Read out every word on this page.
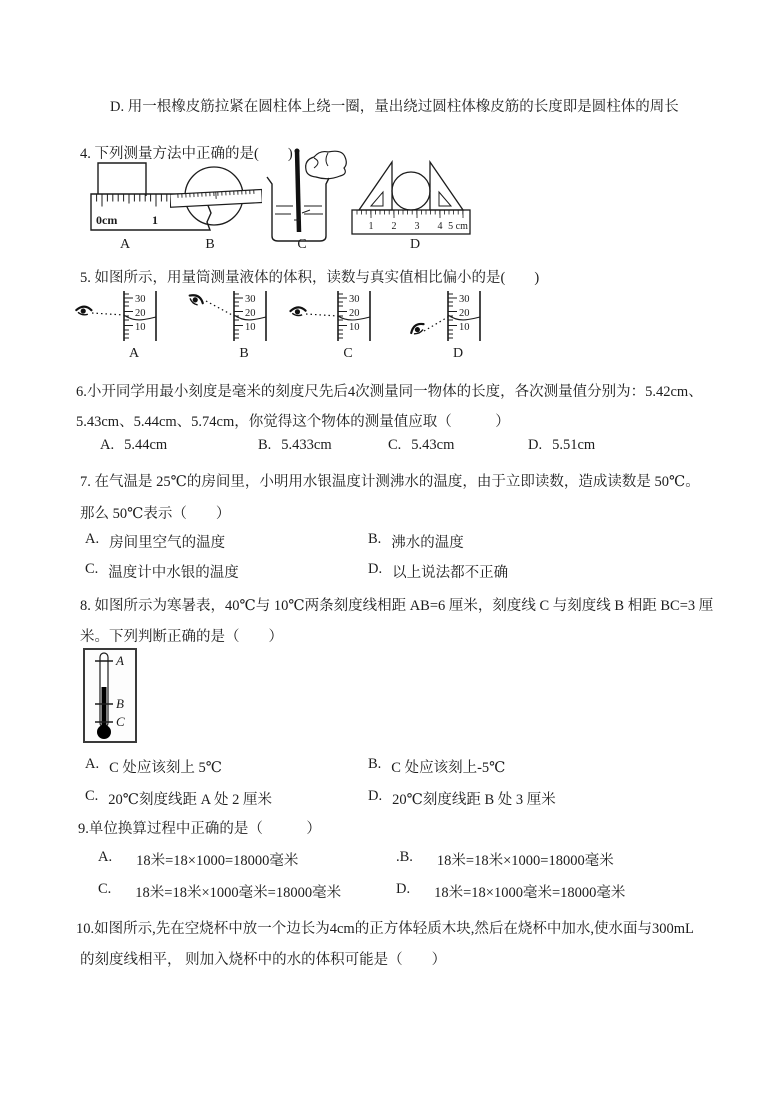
D. 用一根橡皮筋拉紧在圆柱体上绕一圈，量出绕过圆柱体橡皮筋的长度即是圆柱体的周长
4. 下列测量方法中正确的是(　　)
0cm	1
A	B	C
1 2 3 4 5 cm
D
5. 如图所示，用量筒测量液体的体积，读数与真实值相比偏小的是(　　)
30
20
10
A
30
20
10
B
30
20
10
C
30
20
10
D
6.小开同学用最小刻度是毫米的刻度尺先后4次测量同一物体的长度，各次测量值分别为：5.42cm、
5.43cm、5.44cm、5.74cm，你觉得这个物体的测量值应取（　　　）
A. 5.44cm	B. 5.433cm	C. 5.43cm	D. 5.51cm
7. 在气温是 25℃的房间里，小明用水银温度计测沸水的温度，由于立即读数，造成读数是 50℃。
那么 50℃表示（　　）
A. 房间里空气的温度	B. 沸水的温度
C. 温度计中水银的温度	D. 以上说法都不正确
8. 如图所示为寒暑表，40℃与 10℃两条刻度线相距 AB=6 厘米，刻度线 C 与刻度线 B 相距 BC=3 厘
米。下列判断正确的是（　　）
A
B
C
A. C 处应该刻上 5℃	B. C 处应该刻上-5℃
C. 20℃刻度线距 A 处 2 厘米	D. 20℃刻度线距 B 处 3 厘米
9.单位换算过程中正确的是（　　　）
A. 18米=18×1000=18000毫米	.B. 18米=18米×1000=18000毫米
C. 18米=18米×1000毫米=18000毫米	D. 18米=18×1000毫米=18000毫米
10.如图所示,先在空烧杯中放一个边长为4cm的正方体轻质木块,然后在烧杯中加水,使水面与300mL
的刻度线相平， 则加入烧杯中的水的体积可能是（　　）
